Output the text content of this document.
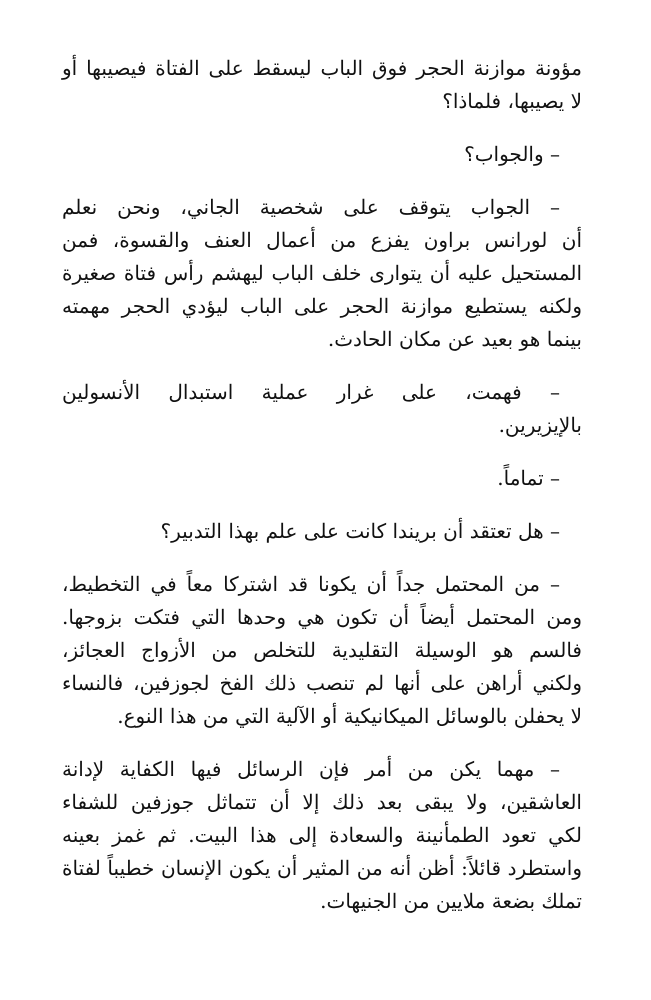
مؤونة موازنة الحجر فوق الباب ليسقط على الفتاة فيصيبها أو
لا يصيبها، فلماذا؟

– والجواب؟

– الجواب يتوقف على شخصية الجاني، ونحن نعلم
أن لورانس براون يفزع من أعمال العنف والقسوة، فمن
المستحيل عليه أن يتوارى خلف الباب ليهشم رأس فتاة صغيرة
ولكنه يستطيع موازنة الحجر على الباب ليؤدي الحجر مهمته
بينما هو بعيد عن مكان الحادث.

– فهمت، على غرار عملية استبدال الأنسولين
بالإيزيرين.

– تماماً.

– هل تعتقد أن بريندا كانت على علم بهذا التدبير؟

– من المحتمل جداً أن يكونا قد اشتركا معاً في التخطيط،
ومن المحتمل أيضاً أن تكون هي وحدها التي فتكت بزوجها.
فالسم هو الوسيلة التقليدية للتخلص من الأزواج العجائز،
ولكني أراهن على أنها لم تنصب ذلك الفخ لجوزفين، فالنساء
لا يحفلن بالوسائل الميكانيكية أو الآلية التي من هذا النوع.

– مهما يكن من أمر فإن الرسائل فيها الكفاية لإدانة
العاشقين، ولا يبقى بعد ذلك إلا أن تتماثل جوزفين للشفاء
لكي تعود الطمأنينة والسعادة إلى هذا البيت. ثم غمز بعينه
واستطرد قائلاً: أظن أنه من المثير أن يكون الإنسان خطيباً لفتاة
تملك بضعة ملايين من الجنيهات.
